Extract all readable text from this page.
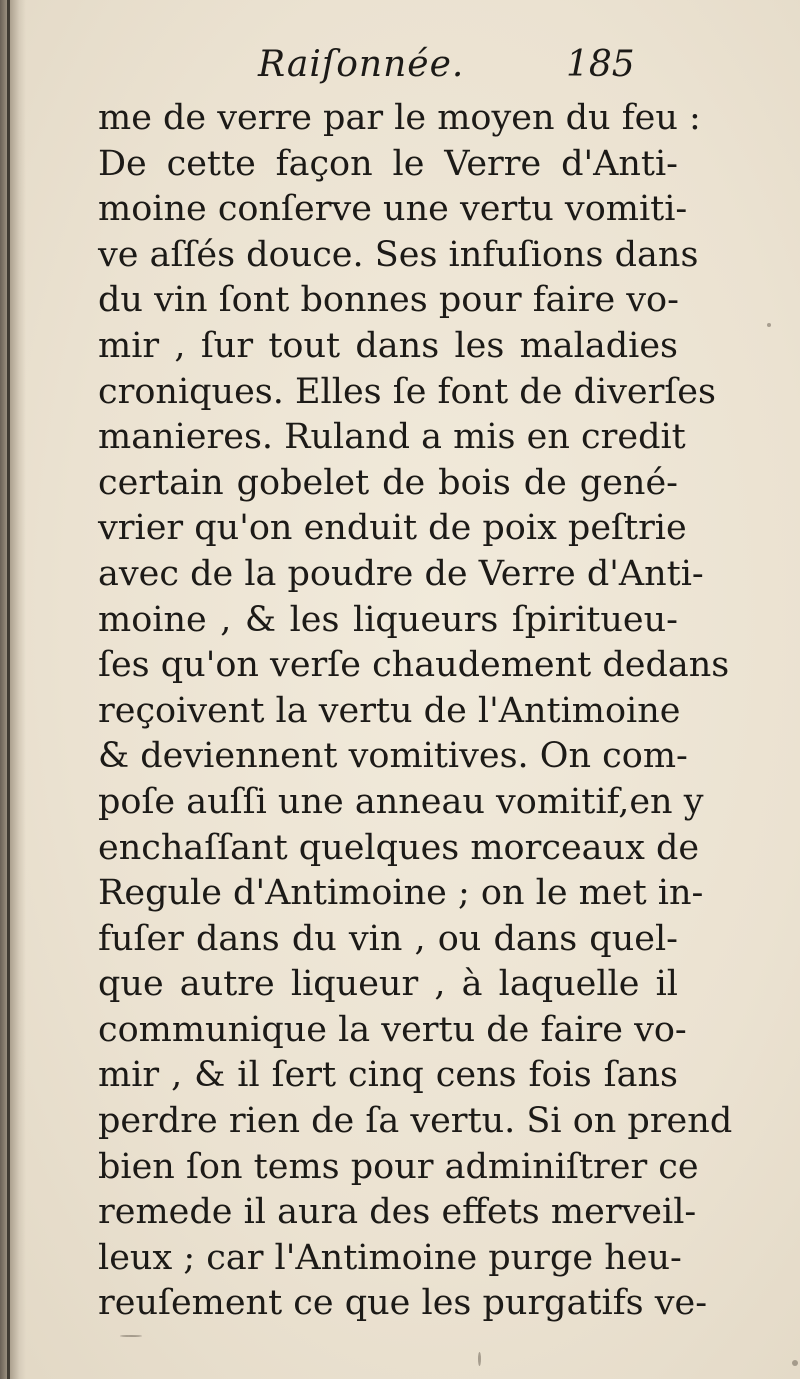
Raiſonnée.	185
me de verre par le moyen du feu :
De cette façon le Verre d'Anti-
moine conſerve une vertu vomiti-
ve aſſés douce. Ses infuſions dans
du vin ſont bonnes pour faire vo-
mir , ſur tout dans les maladies
croniques. Elles ſe font de diverſes
manieres. Ruland a mis en credit
certain gobelet de bois de gené-
vrier qu'on enduit de poix peſtrie
avec de la poudre de Verre d'Anti-
moine , & les liqueurs ſpiritueu-
ſes qu'on verſe chaudement dedans
reçoivent la vertu de l'Antimoine
& deviennent vomitives. On com-
poſe auſſi une anneau vomitif,en y
enchaſſant quelques morceaux de
Regule d'Antimoine ; on le met in-
fuſer dans du vin , ou dans quel-
que autre liqueur , à laquelle il
communique la vertu de faire vo-
mir , & il ſert cinq cens fois ſans
perdre rien de ſa vertu. Si on prend
bien ſon tems pour adminiſtrer ce
remede il aura des effets merveil-
leux ; car l'Antimoine purge heu-
reuſement ce que les purgatifs ve-
